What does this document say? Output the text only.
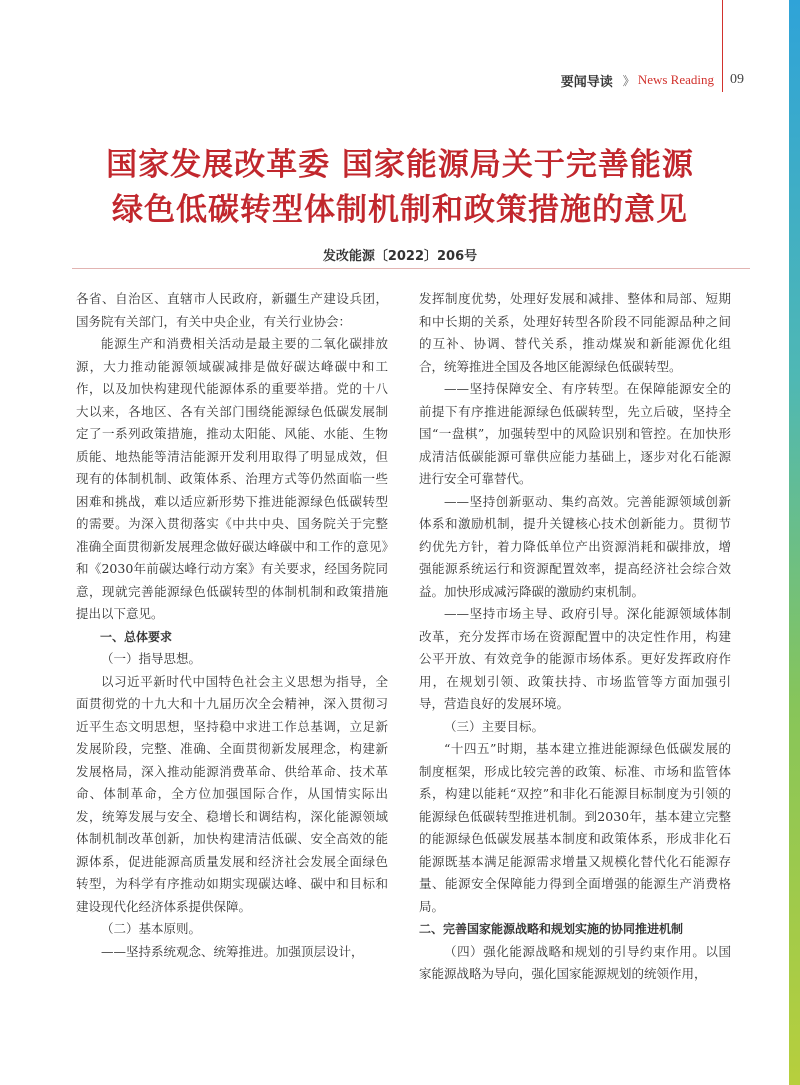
要闻导读 》 News Reading 09
国家发展改革委 国家能源局关于完善能源
绿色低碳转型体制机制和政策措施的意见
发改能源〔2022〕206号

各省、自治区、直辖市人民政府，新疆生产建设兵团，国务院有关部门，有关中央企业，有关行业协会：

能源生产和消费相关活动是最主要的二氧化碳排放源，大力推动能源领域碳减排是做好碳达峰碳中和工作，以及加快构建现代能源体系的重要举措。党的十八大以来，各地区、各有关部门围绕能源绿色低碳发展制定了一系列政策措施，推动太阳能、风能、水能、生物质能、地热能等清洁能源开发利用取得了明显成效，但现有的体制机制、政策体系、治理方式等仍然面临一些困难和挑战，难以适应新形势下推进能源绿色低碳转型的需要。为深入贯彻落实《中共中央、国务院关于完整准确全面贯彻新发展理念做好碳达峰碳中和工作的意见》和《2030年前碳达峰行动方案》有关要求，经国务院同意，现就完善能源绿色低碳转型的体制机制和政策措施提出以下意见。

一、总体要求

（一）指导思想。

以习近平新时代中国特色社会主义思想为指导，全面贯彻党的十九大和十九届历次全会精神，深入贯彻习近平生态文明思想，坚持稳中求进工作总基调，立足新发展阶段，完整、准确、全面贯彻新发展理念，构建新发展格局，深入推动能源消费革命、供给革命、技术革命、体制革命，全方位加强国际合作，从国情实际出发，统筹发展与安全、稳增长和调结构，深化能源领域体制机制改革创新，加快构建清洁低碳、安全高效的能源体系，促进能源高质量发展和经济社会发展全面绿色转型，为科学有序推动如期实现碳达峰、碳中和目标和建设现代化经济体系提供保障。

（二）基本原则。

——坚持系统观念、统筹推进。加强顶层设计，

发挥制度优势，处理好发展和减排、整体和局部、短期和中长期的关系，处理好转型各阶段不同能源品种之间的互补、协调、替代关系，推动煤炭和新能源优化组合，统筹推进全国及各地区能源绿色低碳转型。

——坚持保障安全、有序转型。在保障能源安全的前提下有序推进能源绿色低碳转型，先立后破，坚持全国“一盘棋”，加强转型中的风险识别和管控。在加快形成清洁低碳能源可靠供应能力基础上，逐步对化石能源进行安全可靠替代。

——坚持创新驱动、集约高效。完善能源领域创新体系和激励机制，提升关键核心技术创新能力。贯彻节约优先方针，着力降低单位产出资源消耗和碳排放，增强能源系统运行和资源配置效率，提高经济社会综合效益。加快形成减污降碳的激励约束机制。

——坚持市场主导、政府引导。深化能源领域体制改革，充分发挥市场在资源配置中的决定性作用，构建公平开放、有效竞争的能源市场体系。更好发挥政府作用，在规划引领、政策扶持、市场监管等方面加强引导，营造良好的发展环境。

（三）主要目标。

“十四五”时期，基本建立推进能源绿色低碳发展的制度框架，形成比较完善的政策、标准、市场和监管体系，构建以能耗“双控”和非化石能源目标制度为引领的能源绿色低碳转型推进机制。到2030年，基本建立完整的能源绿色低碳发展基本制度和政策体系，形成非化石能源既基本满足能源需求增量又规模化替代化石能源存量、能源安全保障能力得到全面增强的能源生产消费格局。

二、完善国家能源战略和规划实施的协同推进机制

（四）强化能源战略和规划的引导约束作用。以国家能源战略为导向，强化国家能源规划的统领作用，
